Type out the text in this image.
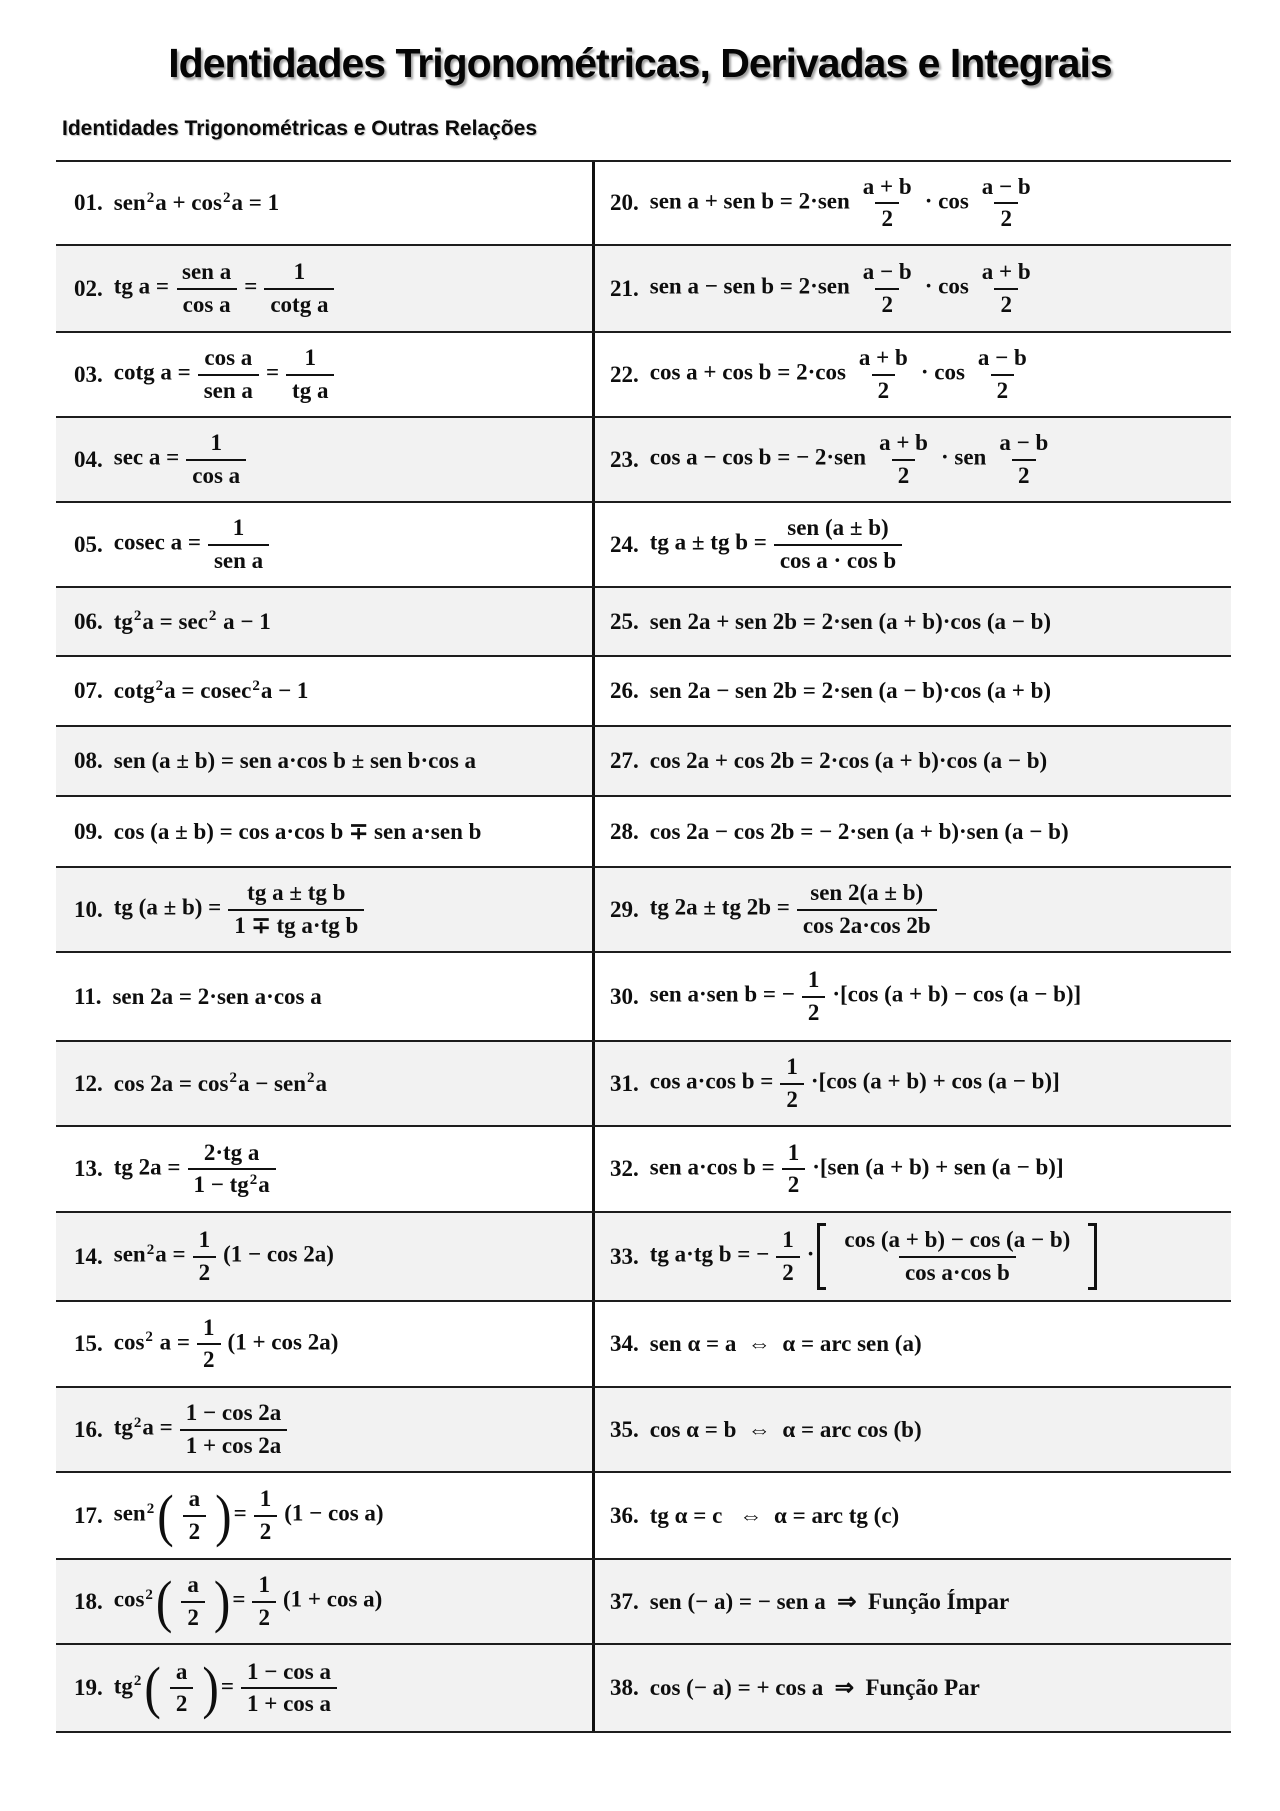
Identidades Trigonométricas, Derivadas e Integrais
Identidades Trigonométricas e Outras Relações
01. $sen^2a + \cos^2a = 1$	20. sen a + sen $b = 2\cdot sen \frac{a + b}{2} \cdot \cos \frac{a - b}{2}$
02. tg $a = \frac{\text{sen a}}{\text{cos a}} = \frac{1}{\text{cotg a}}$	21. sen a − sen $b = 2\cdot sen \frac{a - b}{2} \cdot \cos \frac{a + b}{2}$
03. cotg $a = \frac{\text{cos a}}{\text{sen a}} = \frac{1}{\text{tg a}}$	22. $\cos a + \cos b = 2\cdot\cos \frac{a + b}{2} \cdot \cos \frac{a - b}{2}$
04. $\sec a = \frac{1}{\text{cos a}}$	23. cos a − cos b = − $2\cdot sen \frac{a + b}{2}$ · sen $\frac{a - b}{2}$
05. cosec $a = \frac{1}{\text{sen a}}$	24. tg a ± tg $b = \frac{\text{sen (a ± b)}}{\text{cos a · cos b}}$
06. $tg^2a = \sec^2 a - 1$	25. sen 2a + sen 2b = 2·sen (a + b)·cos (a − b)
07. cotg$^2$a = cosec$^2$a − 1	26. sen 2a − sen 2b = 2·sen (a − b)·cos (a + b)
08. sen (a ± b) = sen a·cos b ± sen b·cos a	27. cos 2a + cos 2b = 2·cos (a + b)·cos (a − b)
09. cos (a ± b) = cos a·cos b ∓ sen a·sen b	28. cos 2a − cos 2b = − 2·sen (a + b)·sen (a − b)
10. tg $(a \pm b) = \frac{\text{tg a ± tg b}}{\text{1 ∓ tg a·tg b}}$	29. tg 2a ± tg $2b = \frac{\text{sen 2(a ± b)}}{\cos 2a\cdot\cos 2b}$
11. sen 2a = 2·sen a·cos a	30. sen a·sen b = − $\frac{1}{2} \cdot[\cos$ (a + b) − cos (a − b)]
12. $\cos 2a = \cos^2a - sen^2a$	31. cos a·cos $b = \frac{1}{2} \cdot[\cos$ (a + b) + cos (a − b)]
13. tg $2a = \frac{\text{2·tg a}}{1 - tg^2a}$	32. sen a·cos $b = \frac{1}{2} \cdot[sen$ (a + b) + sen (a − b)]
14. $sen^2a = \frac{1}{2} (1 - \cos 2a)$	33. tg a·tg b = − $\frac{1}{2} \cdot \frac{\cos (a + b) - \cos (a - b)}{\text{cos a·cos b}}$
15. $\cos^2 a = \frac{1}{2} (1 + \cos 2a)$	34. sen α = a  ⇔  α = arc sen (a)
16. $tg^2a = \frac{1 - \cos 2a}{1 + \cos 2a}$	35. cos α = b  ⇔  α = arc cos (b)
17. sen$^2$ ( $\frac{a}{2}$ ) = $\frac{1}{2} (1 - \cos a)$	36. tg α = c   ⇔  α = arc tg (c)
18. $\cos^2$ ( $\frac{a}{2}$ ) = $\frac{1}{2} (1 + \cos a)$	37. sen (− a) = − sen a  ⇒  Função Ímpar
19. $tg^2$ ( $\frac{a}{2}$ ) = $\frac{\text{1 − cos a}}{\text{1 + cos a}}$	38. cos (− a) = + cos a  ⇒  Função Par
